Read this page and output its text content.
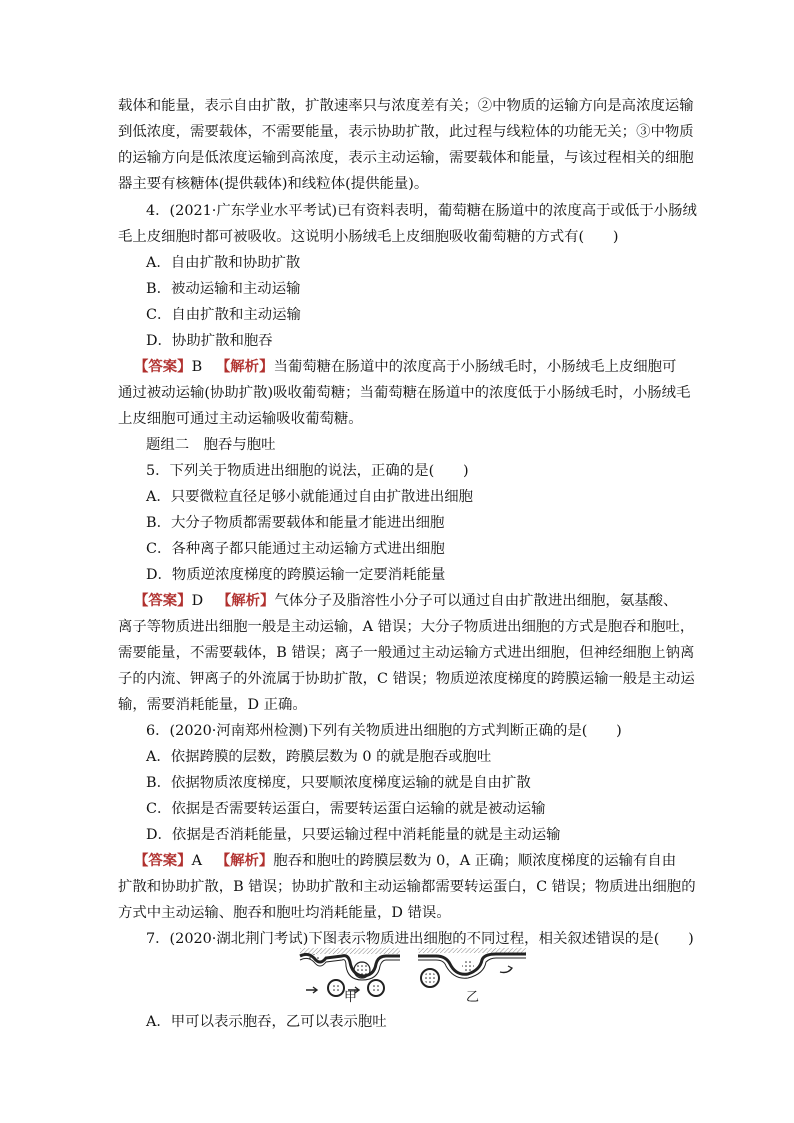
载体和能量，表示自由扩散，扩散速率只与浓度差有关；②中物质的运输方向是高浓度运输
到低浓度，需要载体，不需要能量，表示协助扩散，此过程与线粒体的功能无关；③中物质
的运输方向是低浓度运输到高浓度，表示主动运输，需要载体和能量，与该过程相关的细胞
器主要有核糖体(提供载体)和线粒体(提供能量)。
4．(2021·广东学业水平考试)已有资料表明，葡萄糖在肠道中的浓度高于或低于小肠绒
毛上皮细胞时都可被吸收。这说明小肠绒毛上皮细胞吸收葡萄糖的方式有(　　)
A．自由扩散和协助扩散
B．被动运输和主动运输
C．自由扩散和主动运输
D．协助扩散和胞吞
【答案】B 【解析】当葡萄糖在肠道中的浓度高于小肠绒毛时，小肠绒毛上皮细胞可
通过被动运输(协助扩散)吸收葡萄糖；当葡萄糖在肠道中的浓度低于小肠绒毛时，小肠绒毛
上皮细胞可通过主动运输吸收葡萄糖。
题组二　胞吞与胞吐
5．下列关于物质进出细胞的说法，正确的是(　　)
A．只要微粒直径足够小就能通过自由扩散进出细胞
B．大分子物质都需要载体和能量才能进出细胞
C．各种离子都只能通过主动运输方式进出细胞
D．物质逆浓度梯度的跨膜运输一定要消耗能量
【答案】D 【解析】气体分子及脂溶性小分子可以通过自由扩散进出细胞，氨基酸、
离子等物质进出细胞一般是主动运输，A 错误；大分子物质进出细胞的方式是胞吞和胞吐，
需要能量，不需要载体，B 错误；离子一般通过主动运输方式进出细胞，但神经细胞上钠离
子的内流、钾离子的外流属于协助扩散，C 错误；物质逆浓度梯度的跨膜运输一般是主动运
输，需要消耗能量，D 正确。
6．(2020·河南郑州检测)下列有关物质进出细胞的方式判断正确的是(　　)
A．依据跨膜的层数，跨膜层数为 0 的就是胞吞或胞吐
B．依据物质浓度梯度，只要顺浓度梯度运输的就是自由扩散
C．依据是否需要转运蛋白，需要转运蛋白运输的就是被动运输
D．依据是否消耗能量，只要运输过程中消耗能量的就是主动运输
【答案】A 【解析】胞吞和胞吐的跨膜层数为 0，A 正确；顺浓度梯度的运输有自由
扩散和协助扩散，B 错误；协助扩散和主动运输都需要转运蛋白，C 错误；物质进出细胞的
方式中主动运输、胞吞和胞吐均消耗能量，D 错误。
7．(2020·湖北荆门考试)下图表示物质进出细胞的不同过程，相关叙述错误的是(　　)
甲	乙
A．甲可以表示胞吞，乙可以表示胞吐
